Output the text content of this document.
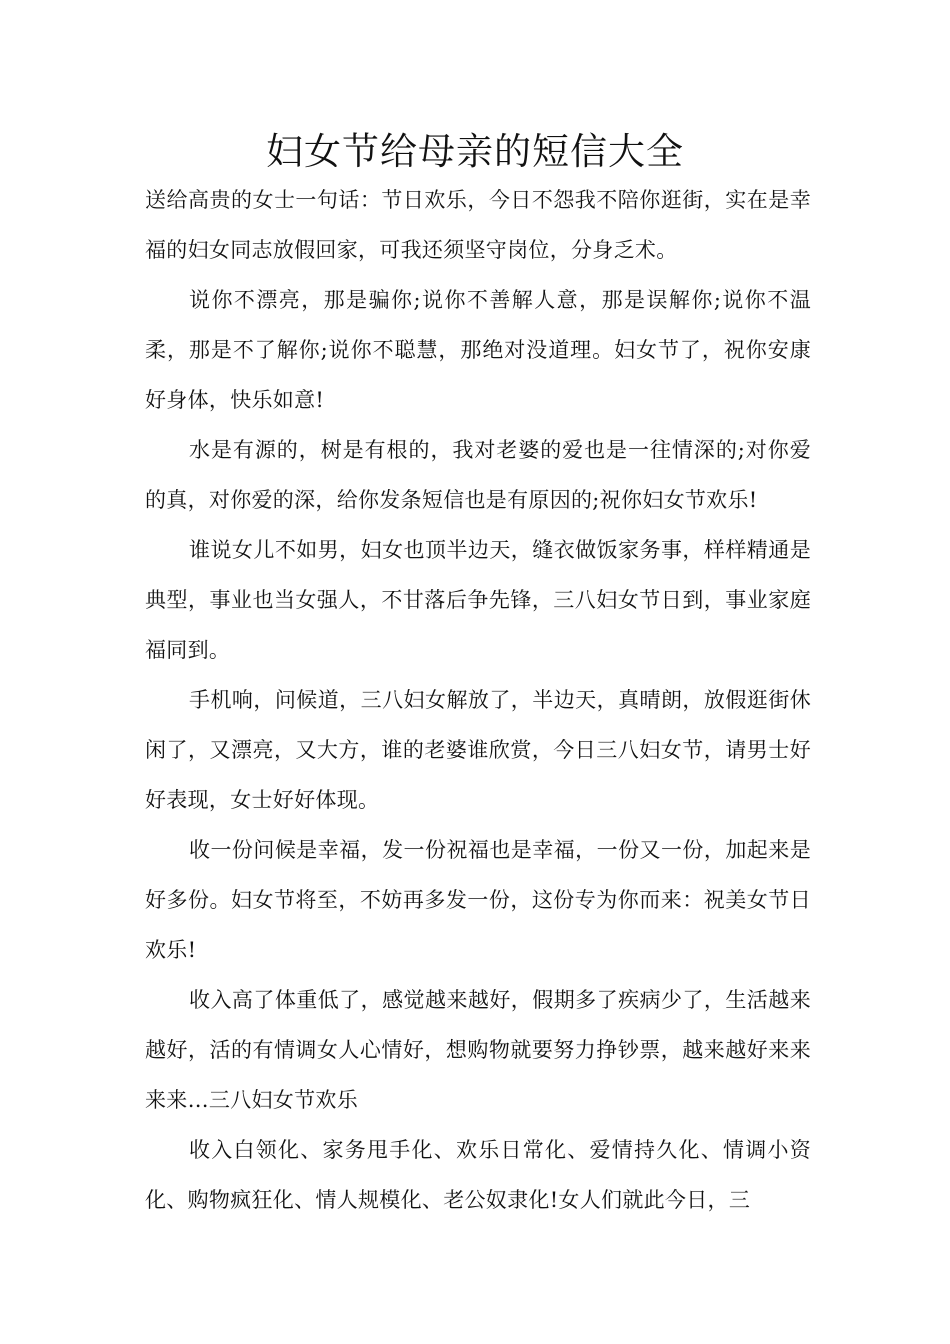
妇女节给母亲的短信大全

送给高贵的女士一句话：节日欢乐，今日不怨我不陪你逛街，实在是幸福的妇女同志放假回家，可我还须坚守岗位，分身乏术。

说你不漂亮，那是骗你;说你不善解人意，那是误解你;说你不温柔，那是不了解你;说你不聪慧，那绝对没道理。妇女节了，祝你安康好身体，快乐如意!

水是有源的，树是有根的，我对老婆的爱也是一往情深的;对你爱的真，对你爱的深，给你发条短信也是有原因的;祝你妇女节欢乐!

谁说女儿不如男，妇女也顶半边天，缝衣做饭家务事，样样精通是典型，事业也当女强人，不甘落后争先锋，三八妇女节日到，事业家庭福同到。

手机响，问候道，三八妇女解放了，半边天，真晴朗，放假逛街休闲了，又漂亮，又大方，谁的老婆谁欣赏，今日三八妇女节，请男士好好表现，女士好好体现。

收一份问候是幸福，发一份祝福也是幸福，一份又一份，加起来是好多份。妇女节将至，不妨再多发一份，这份专为你而来：祝美女节日欢乐!

收入高了体重低了，感觉越来越好，假期多了疾病少了，生活越来越好，活的有情调女人心情好，想购物就要努力挣钞票，越来越好来来来来…三八妇女节欢乐

收入白领化、家务甩手化、欢乐日常化、爱情持久化、情调小资化、购物疯狂化、情人规模化、老公奴隶化!女人们就此今日，三
